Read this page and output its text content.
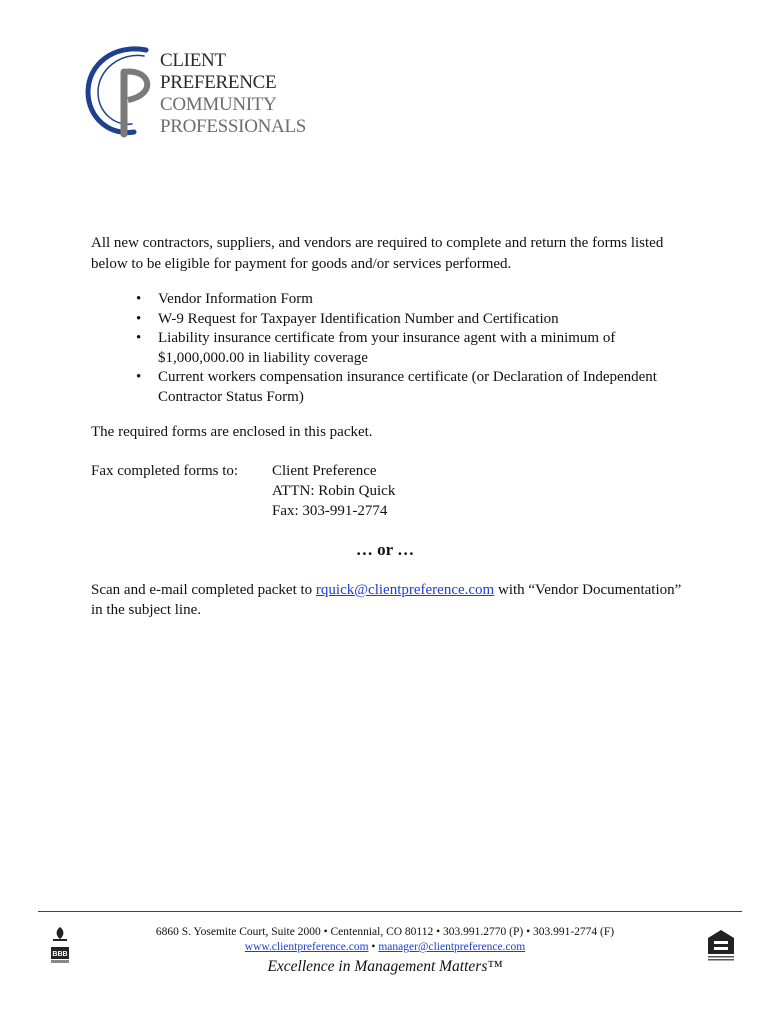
CLIENT
PREFERENCE
COMMUNITY
PROFESSIONALS
All new contractors, suppliers, and vendors are required to complete and return the forms listed below to be eligible for payment for goods and/or services performed.
• Vendor Information Form
• W-9 Request for Taxpayer Identification Number and Certification
• Liability insurance certificate from your insurance agent with a minimum of $1,000,000.00 in liability coverage
• Current workers compensation insurance certificate (or Declaration of Independent Contractor Status Form)
The required forms are enclosed in this packet.
Fax completed forms to: Client Preference
ATTN: Robin Quick
Fax: 303-991-2774
… or …
Scan and e-mail completed packet to rquick@clientpreference.com with “Vendor Documentation” in the subject line.
BBB
6860 S. Yosemite Court, Suite 2000 • Centennial, CO 80112 • 303.991.2770 (P) • 303.991-2774 (F)
www.clientpreference.com • manager@clientpreference.com
Excellence in Management Matters™
